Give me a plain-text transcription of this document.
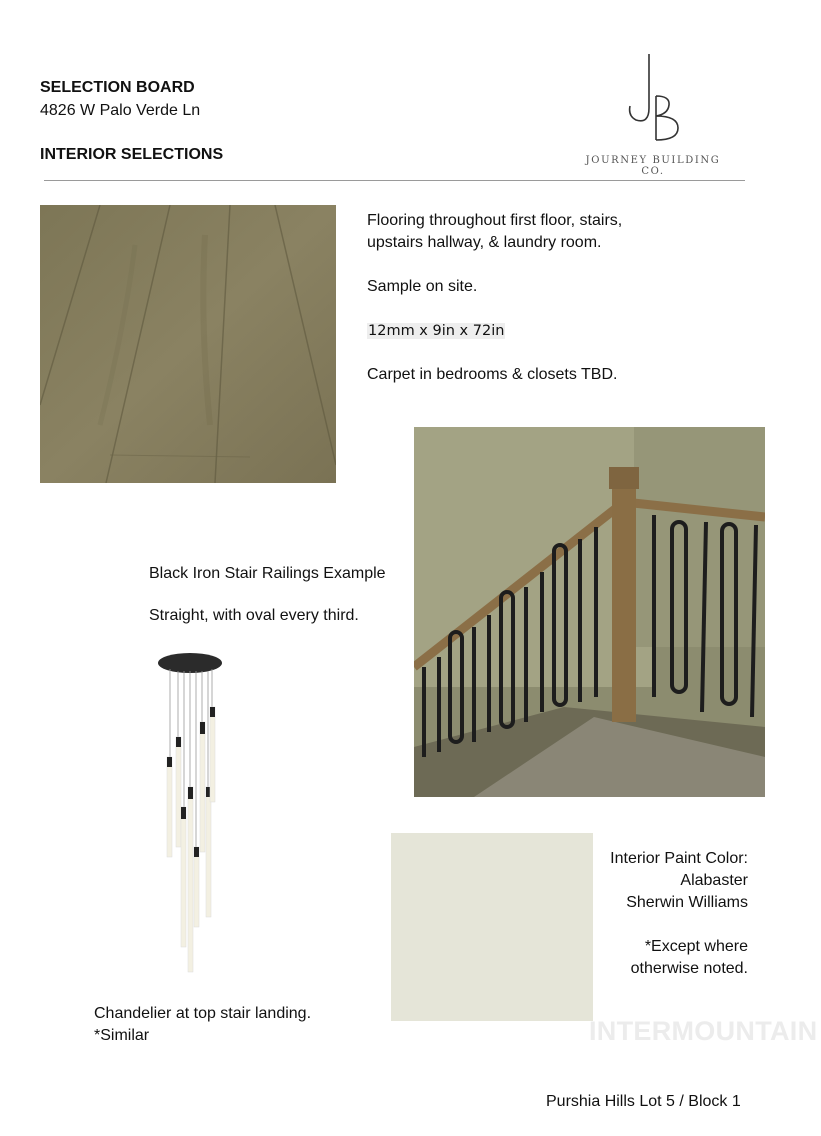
SELECTION BOARD
4826 W Palo Verde Ln
INTERIOR SELECTIONS	JOURNEY BUILDING CO.

Flooring throughout first floor, stairs,
upstairs hallway, & laundry room.

Sample on site.

12mm x 9in x 72in

Carpet in bedrooms & closets TBD.

Black Iron Stair Railings Example

Straight, with oval every third.

Chandelier at top stair landing.

*Similar

Interior Paint Color:

Alabaster

Sherwin Williams

*Except where

otherwise noted.

INTERMOUNTAIN
Purshia Hills Lot 5 / Block 1
